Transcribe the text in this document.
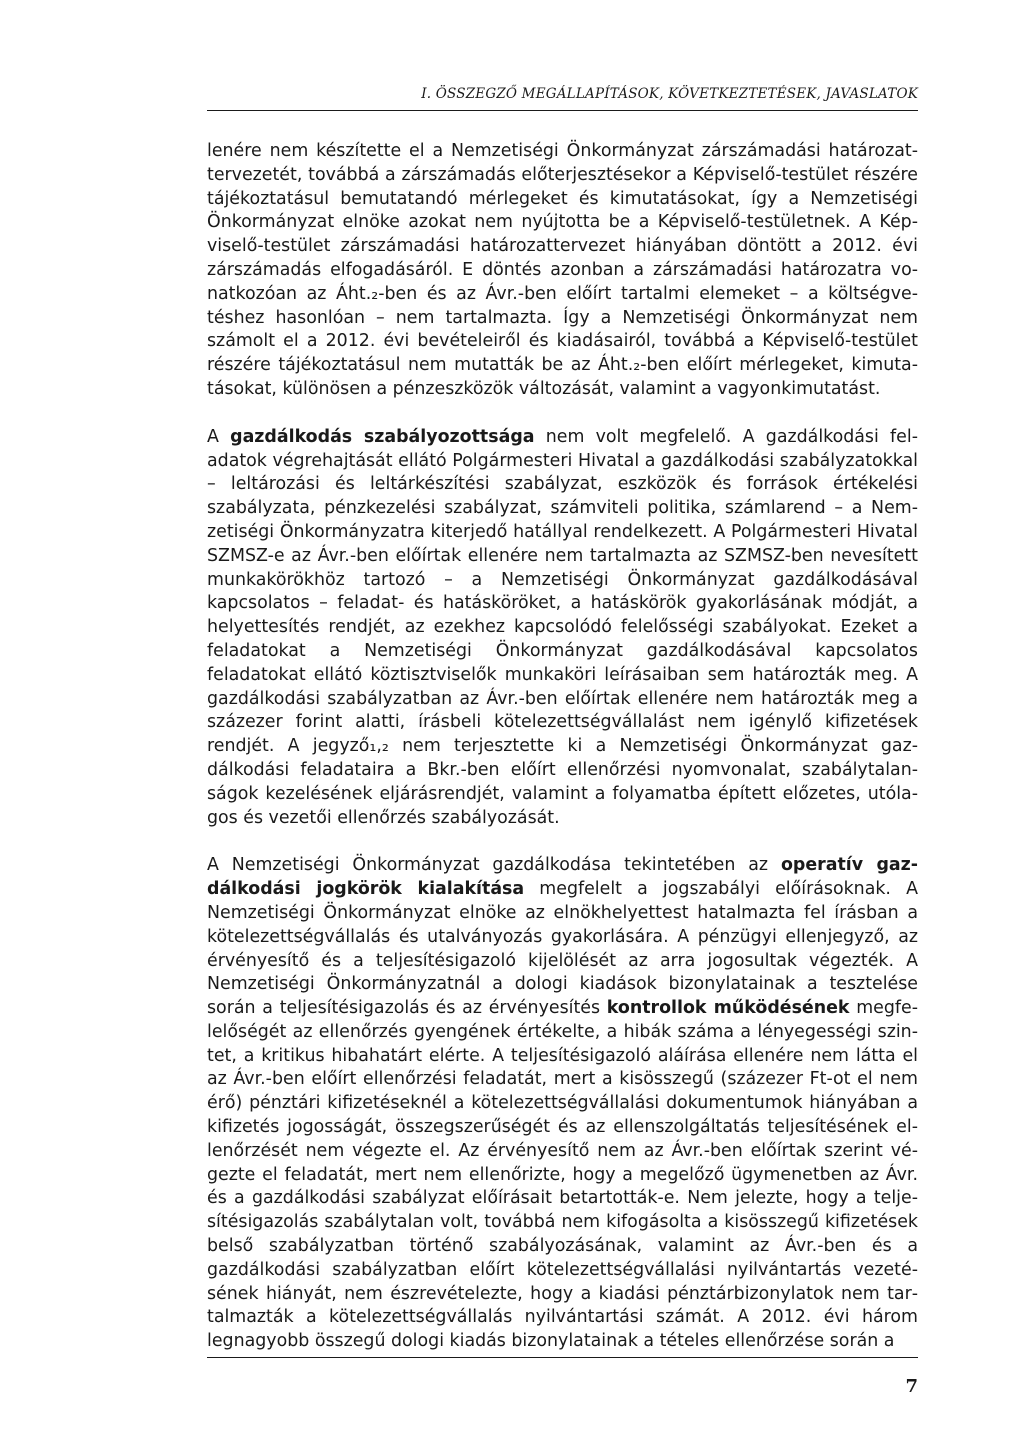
I. ÖSSZEGZŐ MEGÁLLAPÍTÁSOK, KÖVETKEZTETÉSEK, JAVASLATOK

lenére nem készítette el a Nemzetiségi Önkormányzat zárszámadási határozattervezetét, továbbá a zárszámadás előterjesztésekor a Képviselő-testület részére tájékoztatásul bemutatandó mérlegeket és kimutatásokat, így a Nemzetiségi Önkormányzat elnöke azokat nem nyújtotta be a Képviselő-testületnek. A Képviselő-testület zárszámadási határozattervezet hiányában döntött a 2012. évi zárszámadás elfogadásáról. E döntés azonban a zárszámadási határozatra vonatkozóan az Áht.₂-ben és az Ávr.-ben előírt tartalmi elemeket – a költségvetéshez hasonlóan – nem tartalmazta. Így a Nemzetiségi Önkormányzat nem számolt el a 2012. évi bevételeiről és kiadásairól, továbbá a Képviselő-testület részére tájékoztatásul nem mutatták be az Áht.₂-ben előírt mérlegeket, kimutatásokat, különösen a pénzeszközök változását, valamint a vagyonkimutatást.

A gazdálkodás szabályozottsága nem volt megfelelő. A gazdálkodási feladatok végrehajtását ellátó Polgármesteri Hivatal a gazdálkodási szabályzatokkal – leltározási és leltárkészítési szabályzat, eszközök és források értékelési szabályzata, pénzkezelési szabályzat, számviteli politika, számlarend – a Nemzetiségi Önkormányzatra kiterjedő hatállyal rendelkezett. A Polgármesteri Hivatal SZMSZ-e az Ávr.-ben előírtak ellenére nem tartalmazta az SZMSZ-ben nevesített munkakörökhöz tartozó – a Nemzetiségi Önkormányzat gazdálkodásával kapcsolatos – feladat- és hatásköröket, a hatáskörök gyakorlásának módját, a helyettesítés rendjét, az ezekhez kapcsolódó felelősségi szabályokat. Ezeket a feladatokat a Nemzetiségi Önkormányzat gazdálkodásával kapcsolatos feladatokat ellátó köztisztviselők munkaköri leírásaiban sem határozták meg. A gazdálkodási szabályzatban az Ávr.-ben előírtak ellenére nem határozták meg a százezer forint alatti, írásbeli kötelezettségvállalást nem igénylő kifizetések rendjét. A jegyző₁,₂ nem terjesztette ki a Nemzetiségi Önkormányzat gazdálkodási feladataira a Bkr.-ben előírt ellenőrzési nyomvonalat, szabálytalanságok kezelésének eljárásrendjét, valamint a folyamatba épített előzetes, utólagos és vezetői ellenőrzés szabályozását.

A Nemzetiségi Önkormányzat gazdálkodása tekintetében az operatív gazdálkodási jogkörök kialakítása megfelelt a jogszabályi előírásoknak. A Nemzetiségi Önkormányzat elnöke az elnökhelyettest hatalmazta fel írásban a kötelezettségvállalás és utalványozás gyakorlására. A pénzügyi ellenjegyző, az érvényesítő és a teljesítésigazoló kijelölését az arra jogosultak végezték. A Nemzetiségi Önkormányzatnál a dologi kiadások bizonylatainak a tesztelése során a teljesítésigazolás és az érvényesítés kontrollok működésének megfelelőségét az ellenőrzés gyengének értékelte, a hibák száma a lényegességi szintet, a kritikus hibahatárt elérte. A teljesítésigazoló aláírása ellenére nem látta el az Ávr.-ben előírt ellenőrzési feladatát, mert a kisösszegű (százezer Ft-ot el nem érő) pénztári kifizetéseknél a kötelezettségvállalási dokumentumok hiányában a kifizetés jogosságát, összegszerűségét és az ellenszolgáltatás teljesítésének ellenőrzését nem végezte el. Az érvényesítő nem az Ávr.-ben előírtak szerint végezte el feladatát, mert nem ellenőrizte, hogy a megelőző ügymenetben az Ávr. és a gazdálkodási szabályzat előírásait betartották-e. Nem jelezte, hogy a teljesítésigazolás szabálytalan volt, továbbá nem kifogásolta a kisösszegű kifizetések belső szabályzatban történő szabályozásának, valamint az Ávr.-ben és a gazdálkodási szabályzatban előírt kötelezettségvállalási nyilvántartás vezetésének hiányát, nem észrevételezte, hogy a kiadási pénztárbizonylatok nem tartalmazták a kötelezettségvállalás nyilvántartási számát. A 2012. évi három legnagyobb összegű dologi kiadás bizonylatainak a tételes ellenőrzése során a

7
